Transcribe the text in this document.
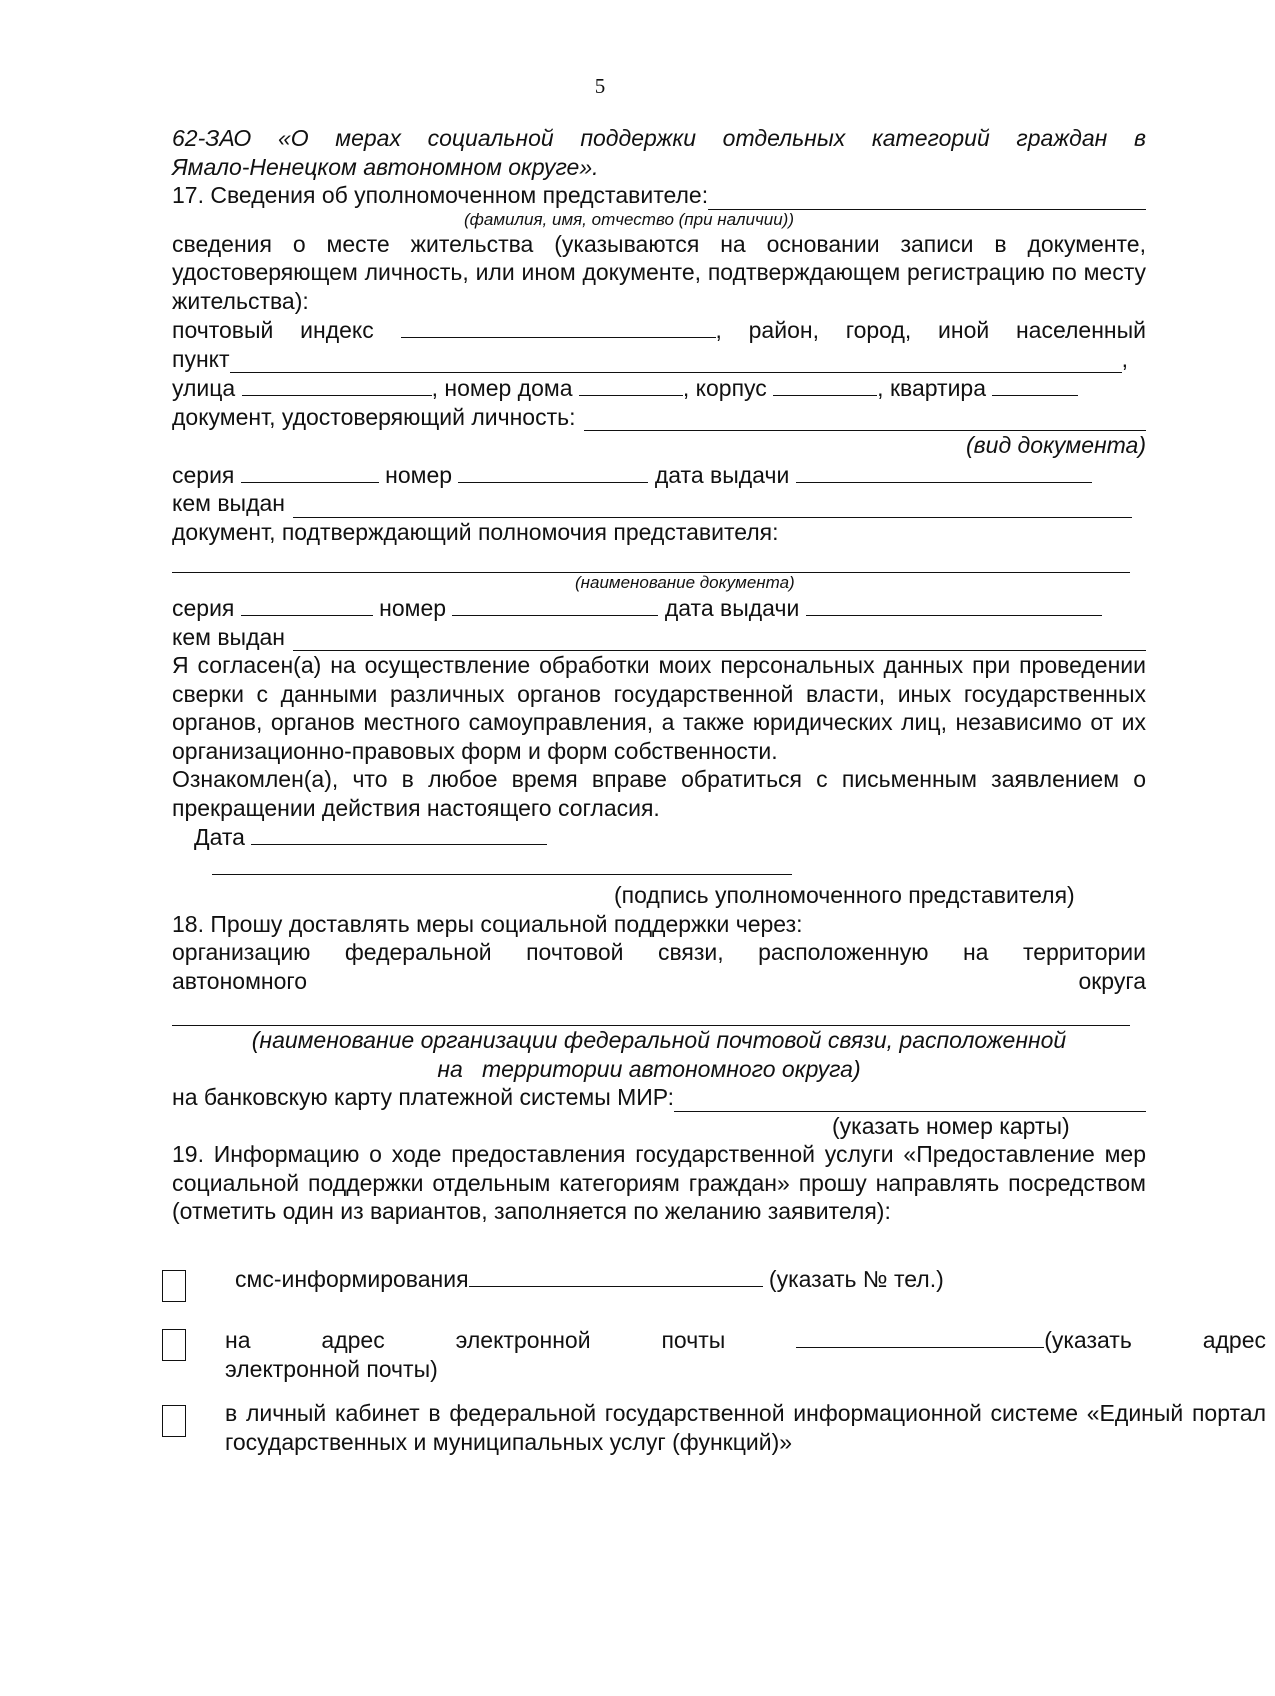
5
62-ЗАО «О мерах социальной поддержки отдельных категорий граждан в
Ямало-Ненецком автономном округе».
17. Сведения об уполномоченном представителе:
(фамилия, имя, отчество (при наличии))
сведения о месте жительства (указываются на основании записи в документе, удостоверяющем личность, или ином документе, подтверждающем регистрацию по месту жительства):
почтовый индекс	, район, город, иной населенный
пункт	,
улица	, номер дома	, корпус	, квартира
документ, удостоверяющий личность:
(вид документа)
серия	номер	дата выдачи
кем выдан
документ, подтверждающий полномочия представителя:
(наименование документа)
серия	номер	дата выдачи
кем выдан
Я согласен(а) на осуществление обработки моих персональных данных при проведении сверки с данными различных органов государственной власти, иных государственных органов, органов местного самоуправления, а также юридических лиц, независимо от их организационно-правовых форм и форм собственности.
Ознакомлен(а), что в любое время вправе обратиться с письменным заявлением о прекращении действия настоящего согласия.
Дата
(подпись уполномоченного представителя)
18. Прошу доставлять меры социальной поддержки через:
организацию федеральной почтовой связи, расположенную на территории
автономного	округа
(наименование организации федеральной почтовой связи, расположенной
на   территории автономного округа)
на банковскую карту платежной системы МИР:
(указать номер карты)
19. Информацию о ходе предоставления государственной услуги «Предоставление мер социальной поддержки отдельным категориям граждан» прошу направлять посредством (отметить один из вариантов, заполняется по желанию заявителя):
смс-информирования	(указать № тел.)
на адрес электронной почты	(указать адрес
электронной почты)
в личный кабинет в федеральной государственной информационной системе «Единый портал государственных и муниципальных услуг (функций)»
